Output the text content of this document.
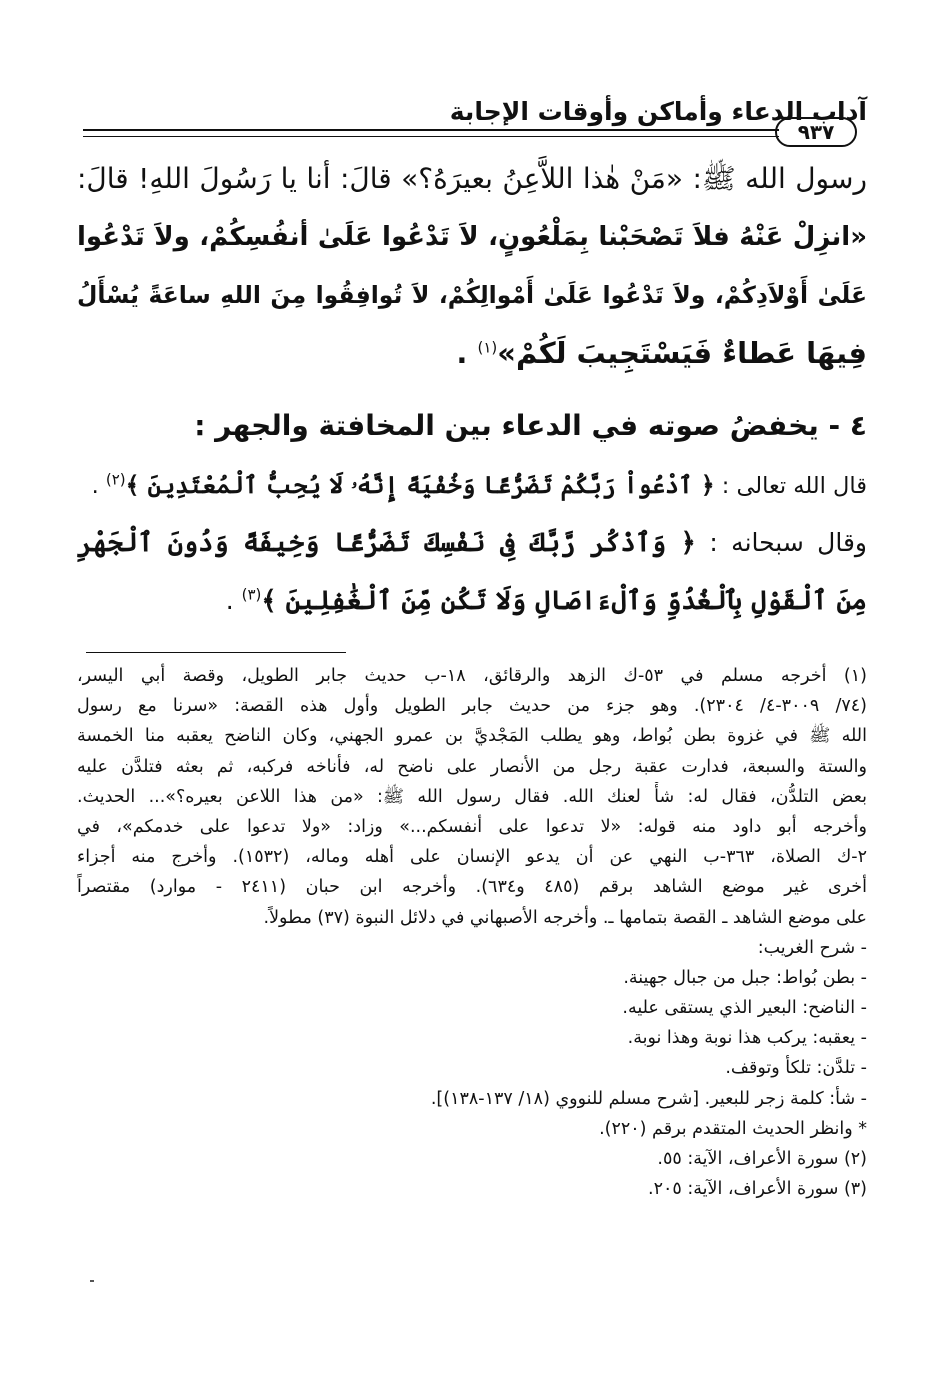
آداب الدعاء وأماكن وأوقات الإجابة
٩٣٧
رسول الله ﷺ: «مَنْ هٰذا اللاَّعِنُ بعيرَهُ؟» قالَ: أنا يا رَسُولَ اللهِ! قالَ:
«انزِلْ عَنْهُ فلاَ تَصْحَبْنا بِمَلْعُونٍ، لاَ تَدْعُوا عَلَىٰ أنفُسِكُمْ، ولاَ تَدْعُوا
عَلَىٰ أَوْلاَدِكُمْ، ولاَ تَدْعُوا عَلَىٰ أَمْوالِكُمْ، لاَ تُوافِقُوا مِنَ اللهِ ساعَةً يُسْأَلُ
فِيهَا عَطاءٌ فَيَسْتَجِيبَ لَكُمْ»$^{(١)}$ .
٤ - يخفضُ صوته في الدعاء بين المخافتة والجهر :
قال الله تعالى : ﴿ ٱدْعُواْ رَبَّكُمْ تَضَرُّعًا وَخُفْيَةً إِنَّهُۥ لَا يُحِبُّ ٱلْمُعْتَدِينَ ﴾$^{(٢)}$ .
وقال سبحانه : ﴿ وَٱذْكُر رَّبَّكَ فِى نَفْسِكَ تَضَرُّعًا وَخِيفَةً وَدُونَ ٱلْجَهْرِ
مِنَ ٱلْقَوْلِ بِٱلْغُدُوِّ وَٱلْءَاصَالِ وَلَا تَكُن مِّنَ ٱلْغَٰفِلِينَ ﴾$^{(٣)}$ .
(١) أخرجه مسلم في ٥٣-ك الزهد والرقائق، ١٨-ب حديث جابر الطويل، وقصة أبي اليسر،
(٧٤/ ٣٠٠٩-٤/ ٢٣٠٤). وهو جزء من حديث جابر الطويل وأول هذه القصة: «سرنا مع رسول
الله ﷺ في غزوة بطن بُواط، وهو يطلب المَجْديَّ بن عمرو الجهني، وكان الناضح يعقبه منا الخمسة
والستة والسبعة، فدارت عقبة رجل من الأنصار على ناضح له، فأناخه فركبه، ثم بعثه فتلدَّن عليه
بعض التلدُّن، فقال له: شأْ لعنك الله. فقال رسول الله ﷺ: «من هذا اللاعن بعيره؟»... الحديث.
وأخرجه أبو داود منه قوله: «لا تدعوا على أنفسكم...» وزاد: «ولا تدعوا على خدمكم»، في
٢-ك الصلاة، ٣٦٣-ب النهي عن أن يدعو الإنسان على أهله وماله، (١٥٣٢). وأخرج منه أجزاء
أخرى غير موضع الشاهد برقم (٤٨٥ و٦٣٤). وأخرجه ابن حبان (٢٤١١ - موارد) مقتصراً
على موضع الشاهد ـ القصة بتمامها ـ. وأخرجه الأصبهاني في دلائل النبوة (٣٧) مطولاً.
- شرح الغريب:
- بطن بُواط: جبل من جبال جهينة.
- الناضح: البعير الذي يستقى عليه.
- يعقبه: يركب هذا نوبة وهذا نوبة.
- تلدَّن: تلكأ وتوقف.
- شأ: كلمة زجر للبعير. [شرح مسلم للنووي (١٨/ ١٣٧-١٣٨)].
* وانظر الحديث المتقدم برقم (٢٢٠).
(٢) سورة الأعراف، الآية: ٥٥.
(٣) سورة الأعراف، الآية: ٢٠٥.
